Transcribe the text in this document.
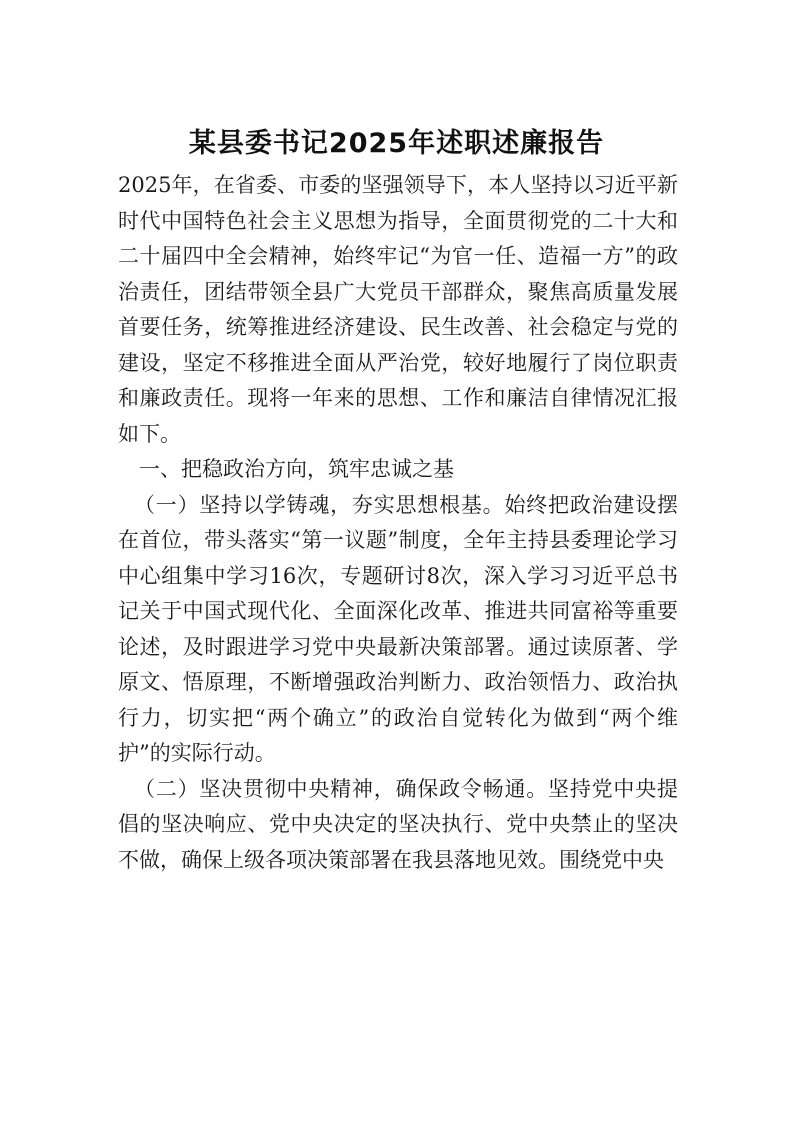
某县委书记2025年述职述廉报告

2025年，在省委、市委的坚强领导下，本人坚持以习近平新时代中国特色社会主义思想为指导，全面贯彻党的二十大和二十届四中全会精神，始终牢记“为官一任、造福一方”的政治责任，团结带领全县广大党员干部群众，聚焦高质量发展首要任务，统筹推进经济建设、民生改善、社会稳定与党的建设，坚定不移推进全面从严治党，较好地履行了岗位职责和廉政责任。现将一年来的思想、工作和廉洁自律情况汇报如下。

一、把稳政治方向，筑牢忠诚之基

（一）坚持以学铸魂，夯实思想根基。始终把政治建设摆在首位，带头落实“第一议题”制度，全年主持县委理论学习中心组集中学习16次，专题研讨8次，深入学习习近平总书记关于中国式现代化、全面深化改革、推进共同富裕等重要论述，及时跟进学习党中央最新决策部署。通过读原著、学原文、悟原理，不断增强政治判断力、政治领悟力、政治执行力，切实把“两个确立”的政治自觉转化为做到“两个维护”的实际行动。

（二）坚决贯彻中央精神，确保政令畅通。坚持党中央提倡的坚决响应、党中央决定的坚决执行、党中央禁止的坚决不做，确保上级各项决策部署在我县落地见效。围绕党中央
